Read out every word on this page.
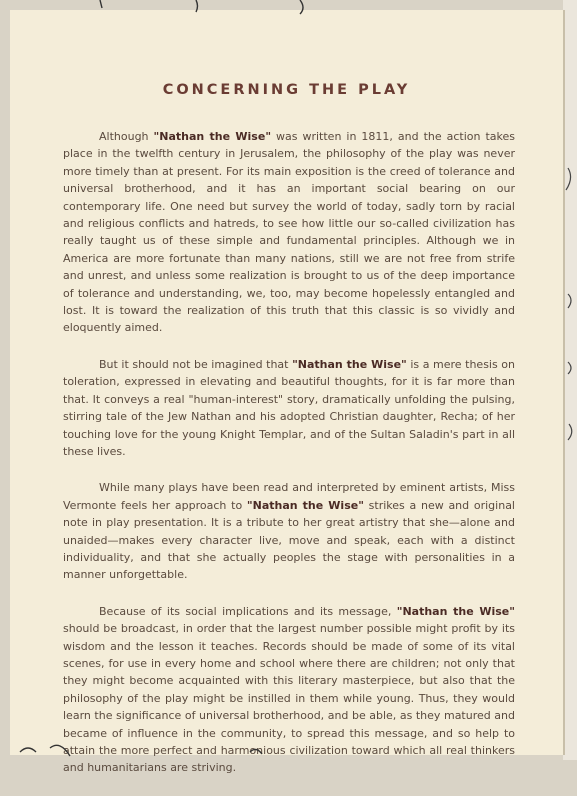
CONCERNING THE PLAY

Although "Nathan the Wise" was written in 1811, and the action takes place in the twelfth century in Jerusalem, the philosophy of the play was never more timely than at present. For its main exposition is the creed of tolerance and universal brotherhood, and it has an important social bearing on our contemporary life. One need but survey the world of today, sadly torn by racial and religious conflicts and hatreds, to see how little our so-called civilization has really taught us of these simple and fundamental principles. Although we in America are more fortunate than many nations, still we are not free from strife and unrest, and unless some realization is brought to us of the deep importance of tolerance and understanding, we, too, may become hopelessly entangled and lost. It is toward the realization of this truth that this classic is so vividly and eloquently aimed.

But it should not be imagined that "Nathan the Wise" is a mere thesis on toleration, expressed in elevating and beautiful thoughts, for it is far more than that. It conveys a real "human-interest" story, dramatically unfolding the pulsing, stirring tale of the Jew Nathan and his adopted Christian daughter, Recha; of her touching love for the young Knight Templar, and of the Sultan Saladin's part in all these lives.

While many plays have been read and interpreted by eminent artists, Miss Vermonte feels her approach to "Nathan the Wise" strikes a new and original note in play presentation. It is a tribute to her great artistry that she—alone and unaided—makes every character live, move and speak, each with a distinct individuality, and that she actually peoples the stage with personalities in a manner unforgettable.

Because of its social implications and its message, "Nathan the Wise" should be broadcast, in order that the largest number possible might profit by its wisdom and the lesson it teaches. Records should be made of some of its vital scenes, for use in every home and school where there are children; not only that they might become acquainted with this literary masterpiece, but also that the philosophy of the play might be instilled in them while young. Thus, they would learn the significance of universal brotherhood, and be able, as they matured and became of influence in the community, to spread this message, and so help to attain the more perfect and harmonious civilization toward which all real thinkers and humanitarians are striving.
